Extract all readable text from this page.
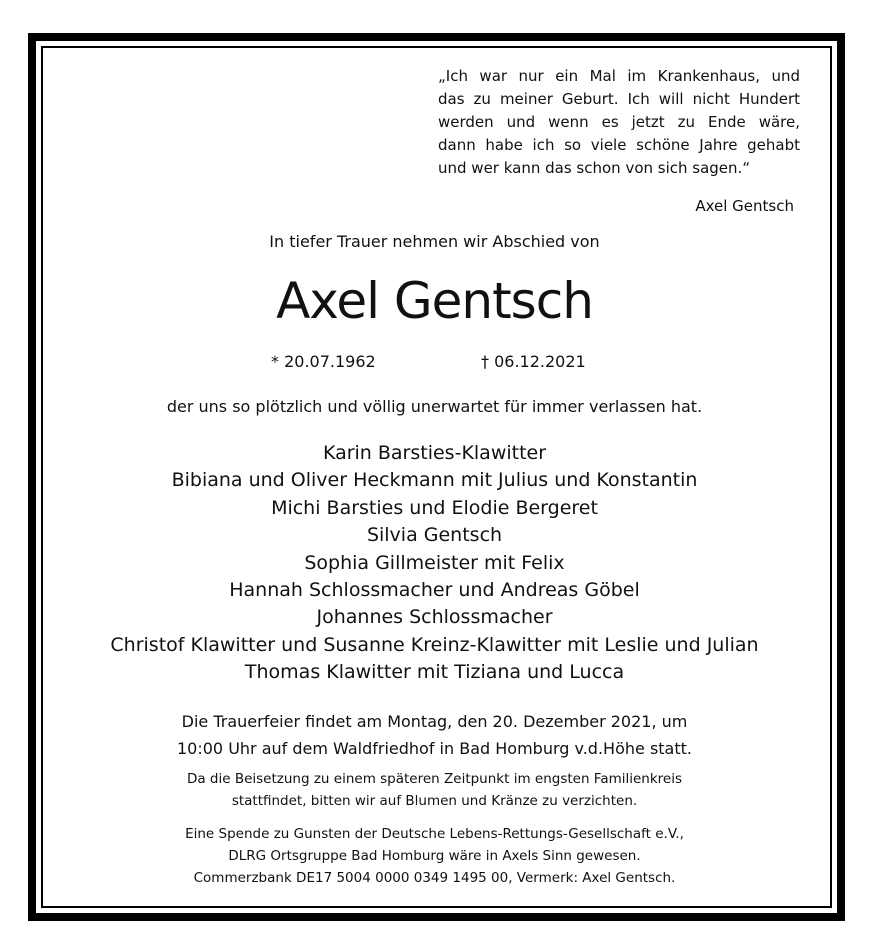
„Ich war nur ein Mal im Krankenhaus, und
das zu meiner Geburt. Ich will nicht Hundert
werden und wenn es jetzt zu Ende wäre,
dann habe ich so viele schöne Jahre gehabt
und wer kann das schon von sich sagen.“
Axel Gentsch
In tiefer Trauer nehmen wir Abschied von
Axel Gentsch
* 20.07.1962	† 06.12.2021
der uns so plötzlich und völlig unerwartet für immer verlassen hat.
Karin Barsties-Klawitter
Bibiana und Oliver Heckmann mit Julius und Konstantin
Michi Barsties und Elodie Bergeret
Silvia Gentsch
Sophia Gillmeister mit Felix
Hannah Schlossmacher und Andreas Göbel
Johannes Schlossmacher
Christof Klawitter und Susanne Kreinz-Klawitter mit Leslie und Julian
Thomas Klawitter mit Tiziana und Lucca
Die Trauerfeier findet am Montag, den 20. Dezember 2021, um
10:00 Uhr auf dem Waldfriedhof in Bad Homburg v.d.Höhe statt.
Da die Beisetzung zu einem späteren Zeitpunkt im engsten Familienkreis
stattfindet, bitten wir auf Blumen und Kränze zu verzichten.
Eine Spende zu Gunsten der Deutsche Lebens-Rettungs-Gesellschaft e.V.,
DLRG Ortsgruppe Bad Homburg wäre in Axels Sinn gewesen.
Commerzbank DE17 5004 0000 0349 1495 00, Vermerk: Axel Gentsch.
